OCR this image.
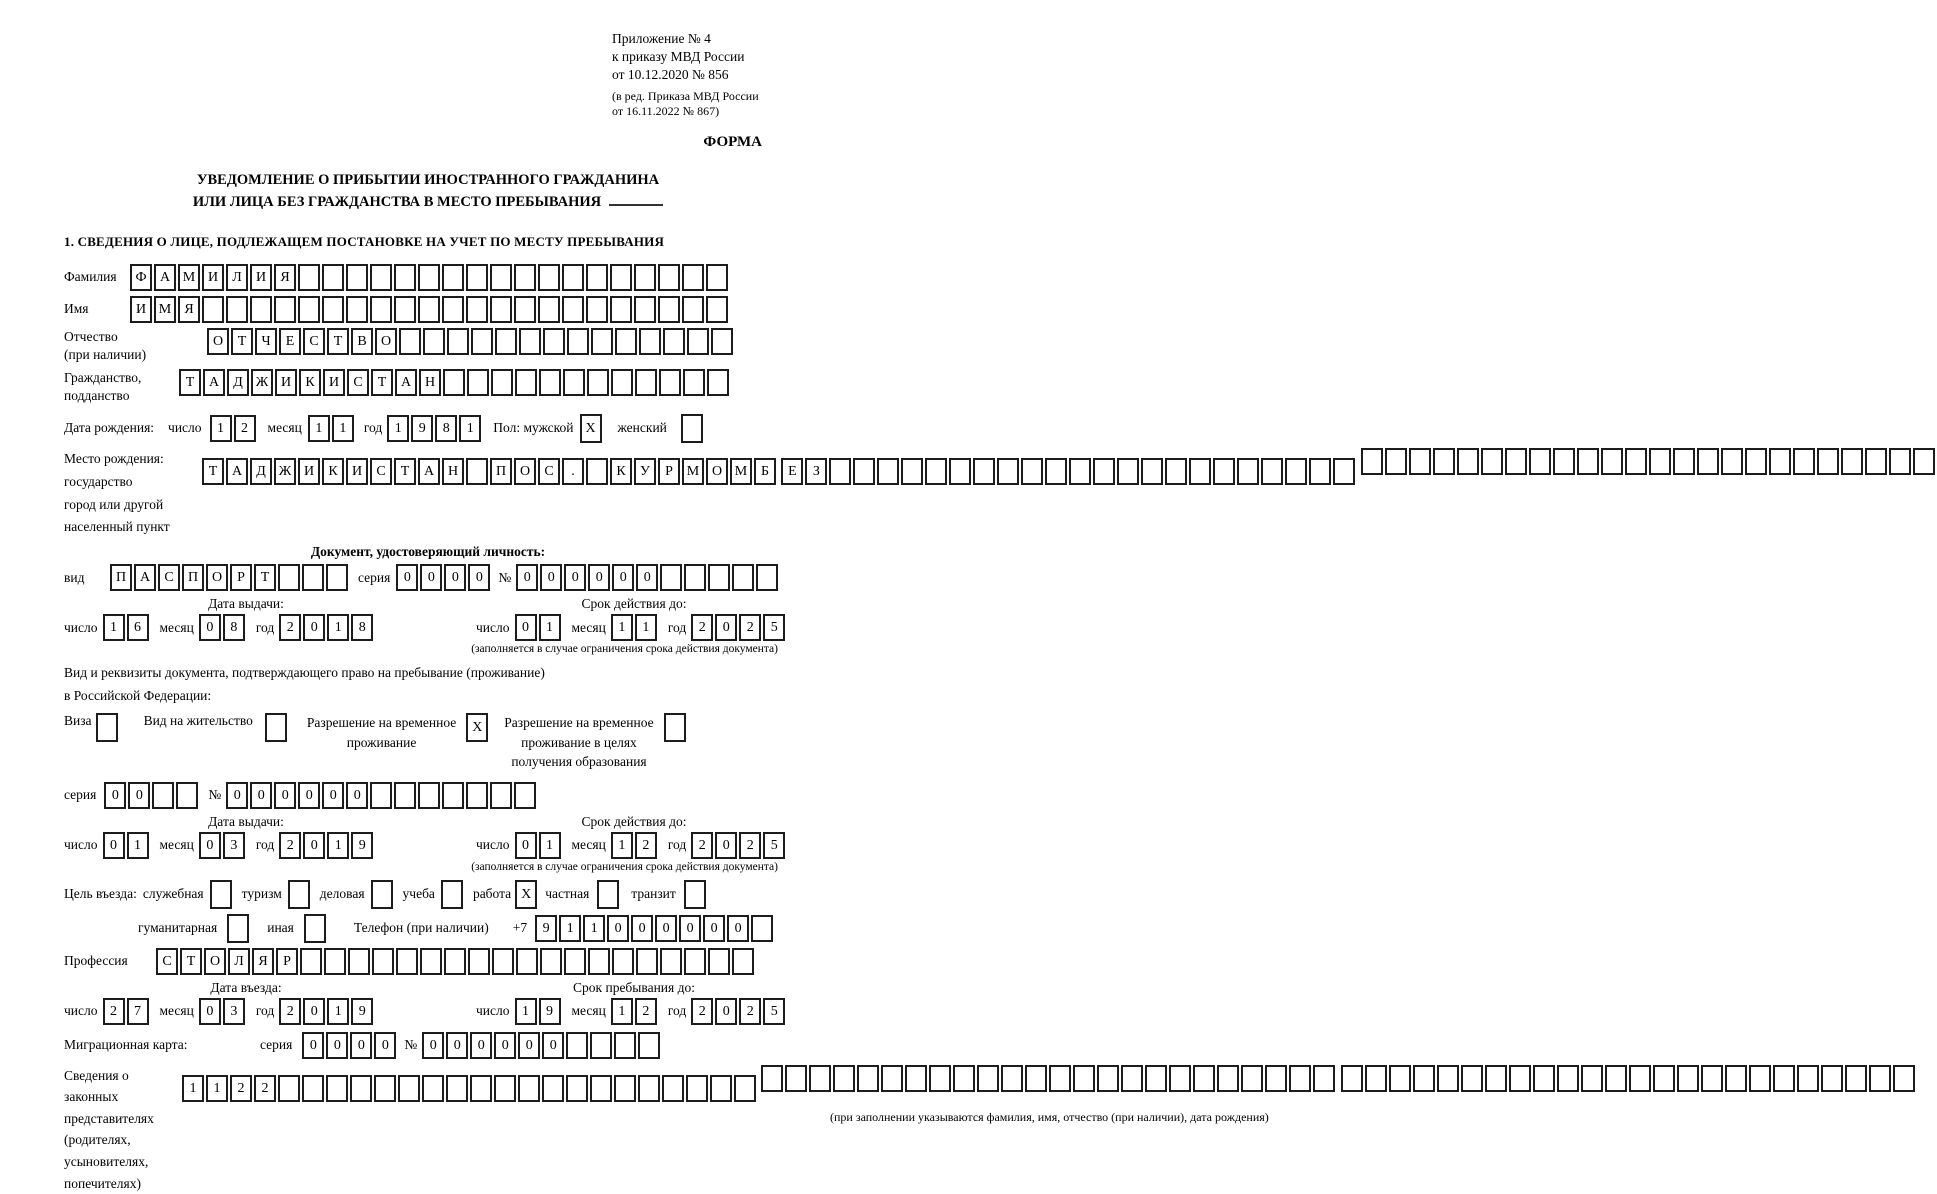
Приложение № 4
к приказу МВД России
от 10.12.2020 № 856
(в ред. Приказа МВД России
от 16.11.2022 № 867)
ФОРМА
УВЕДОМЛЕНИЕ О ПРИБЫТИИ ИНОСТРАННОГО ГРАЖДАНИНА
ИЛИ ЛИЦА БЕЗ ГРАЖДАНСТВА В МЕСТО ПРЕБЫВАНИЯ
1. СВЕДЕНИЯ О ЛИЦЕ, ПОДЛЕЖАЩЕМ ПОСТАНОВКЕ НА УЧЕТ ПО МЕСТУ ПРЕБЫВАНИЯ
Фамилия	Ф А М И	Л	И	Я
Имя	И М Я
Отчество
(при наличии)
О	Т	Ч	Е	С	Т	В	О
Гражданство,
подданство
Т	А	Д Ж И	К	И	С	Т	А Н
Дата рождения: число	1	2	месяц 1	1	год 1	9	8	1	Пол: мужской X	женский
Место рождения:
государство
город или другой
населенный пункт
Т	А	Д Ж И	К	И	С	Т	А Н	П О	С	.	К	У	Р М О М Б
	Е	З

Документ, удостоверяющий личность:
вид	П А	С	П О	Р	Т	серия 0	0	0	0	№ 0	0	0	0	0	0
Дата выдачи:
число 1	6	месяц 0	8	год 2	0	1	8
Срок действия до:
число 0	1	месяц 1	1	год 2	0	2	5
(заполняется в случае ограничения срока действия документа)
Вид и реквизиты документа, подтверждающего право на пребывание (проживание)
в Российской Федерации:
Виза	Вид на жительство	Разрешение на временное
проживание
X	Разрешение на временное
проживание в целях
получения образования
серия	0	0	№ 0	0	0	0	0	0
Дата выдачи:
число 0	1	месяц 0	3	год 2	0	1	9
Срок действия до:
число 0	1	месяц 1	2	год 2	0	2	5
(заполняется в случае ограничения срока действия документа)
Цель въезда: служебная	туризм	деловая	учеба	работа X	частная	транзит
гуманитарная	иная	Телефон (при наличии) +7	9	1	1	0	0	0	0	0	0
Профессия	С	Т	О	Л	Я	Р
Дата въезда:
число 2	7	месяц 0	3	год 2	0	1	9
Срок пребывания до:
число 1	9	месяц 1	2	год 2	0	2	5
Миграционная карта:	серия	0	0	0	0	№ 0	0	0	0	0	0
Сведения о
законных
представителях
(родителях,
усыновителях,
попечителях)
1	1	2	2

(при заполнении указываются фамилия, имя, отчество (при наличии), дата рождения)
